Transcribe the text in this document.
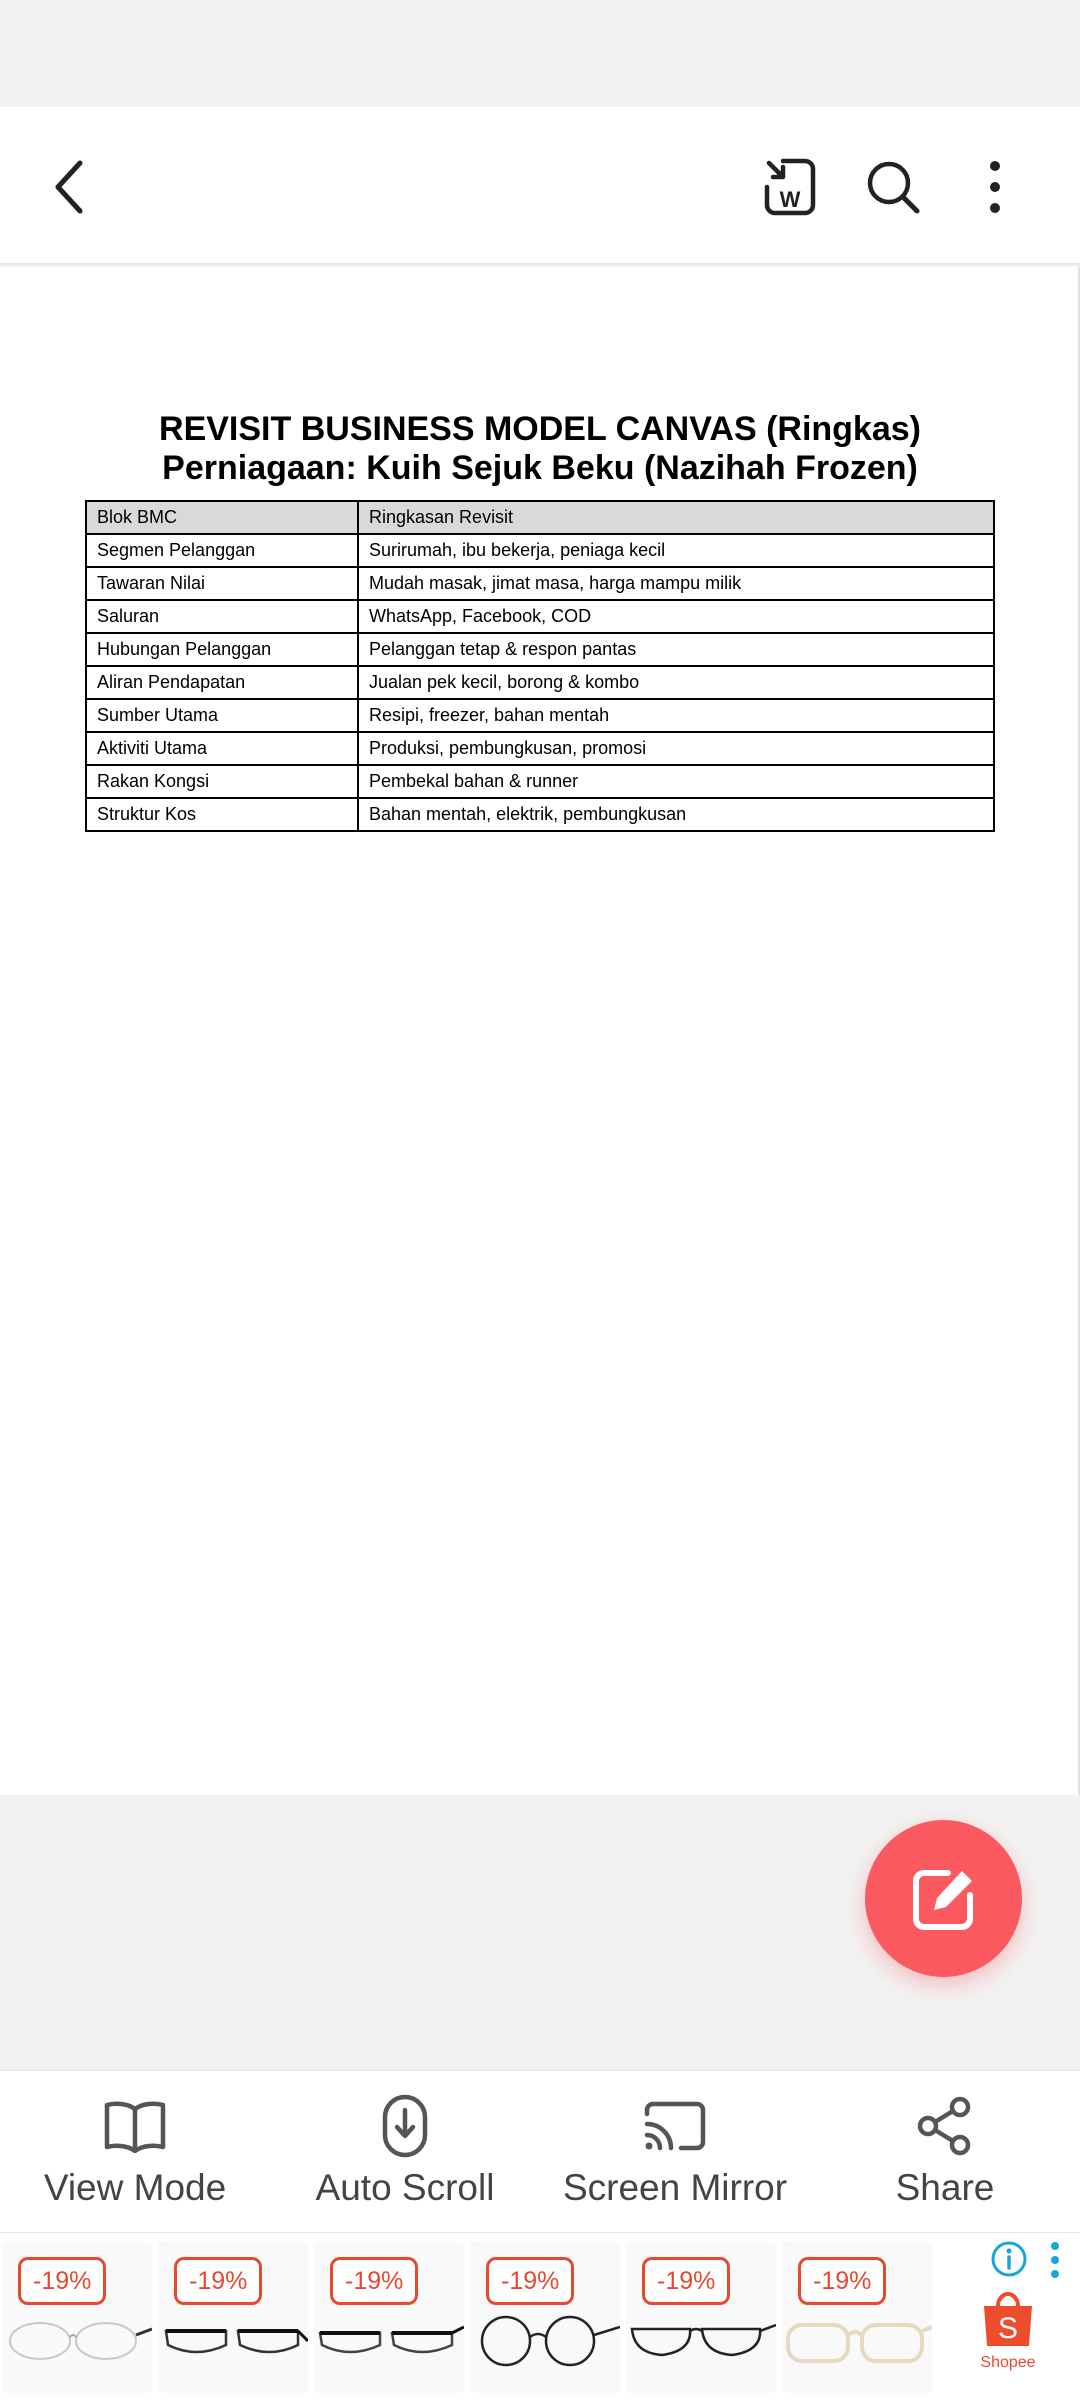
W
REVISIT BUSINESS MODEL CANVAS (Ringkas)
Perniagaan: Kuih Sejuk Beku (Nazihah Frozen)
Blok BMC	Ringkasan Revisit
Segmen Pelanggan	Surirumah, ibu bekerja, peniaga kecil
Tawaran Nilai	Mudah masak, jimat masa, harga mampu milik
Saluran	WhatsApp, Facebook, COD
Hubungan Pelanggan	Pelanggan tetap & respon pantas
Aliran Pendapatan	Jualan pek kecil, borong & kombo
Sumber Utama	Resipi, freezer, bahan mentah
Aktiviti Utama	Produksi, pembungkusan, promosi
Rakan Kongsi	Pembekal bahan & runner
Struktur Kos	Bahan mentah, elektrik, pembungkusan
View Mode Auto Scroll Screen Mirror	Share
-19%	-19%	-19%	-19%	-19%	-19%
S
Shopee
